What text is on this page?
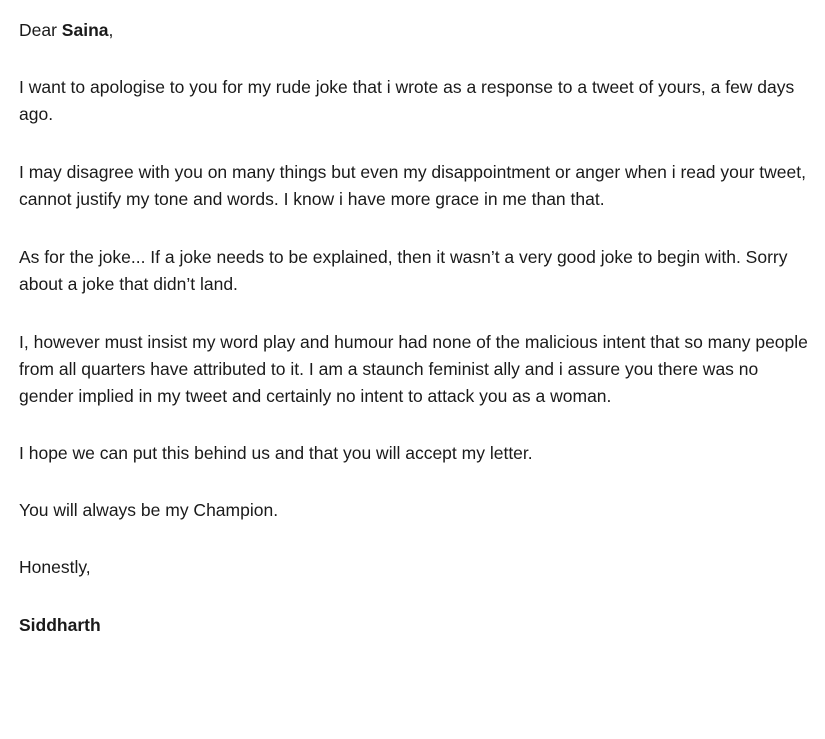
Dear Saina,

I want to apologise to you for my rude joke that i wrote as a response to a tweet of yours, a few days ago.

I may disagree with you on many things but even my disappointment or anger when i read your tweet, cannot justify my tone and words. I know i have more grace in me than that.

As for the joke... If a joke needs to be explained, then it wasn’t a very good joke to begin with. Sorry about a joke that didn’t land.

I, however must insist my word play and humour had none of the malicious intent that so many people from all quarters have attributed to it. I am a staunch feminist ally and i assure you there was no gender implied in my tweet and certainly no intent to attack you as a woman.

I hope we can put this behind us and that you will accept my letter.

You will always be my Champion.

Honestly,

Siddharth
